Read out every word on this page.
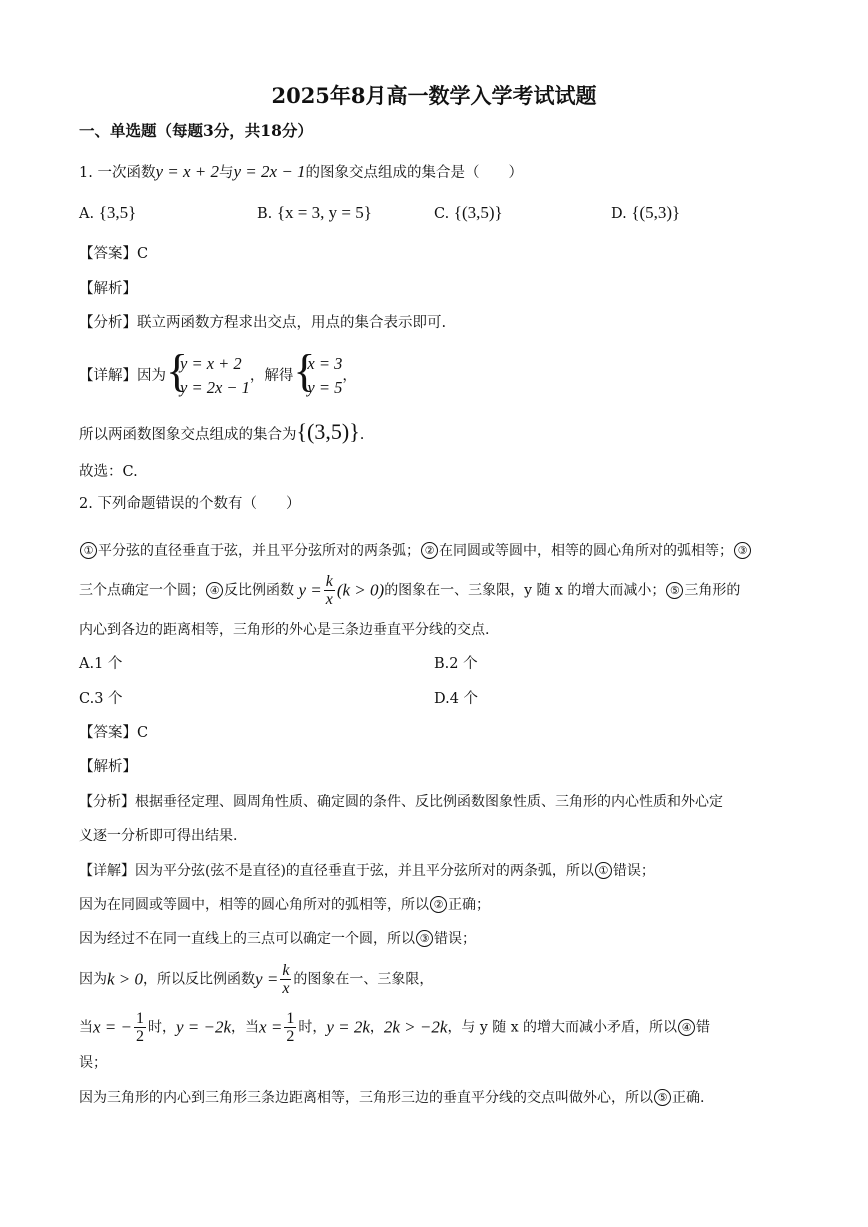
2025年8月高一数学入学考试试题
一、单选题（每题3分，共18分）
1. 一次函数y = x + 2与y = 2x − 1的图象交点组成的集合是（　　）
A. {3,5}	B. {x = 3, y = 5}	C. {(3,5)}	D. {(5,3)}
【答案】C
【解析】
【分析】联立两函数方程求出交点，用点的集合表示即可.
【详解】因为 {
y = x + 2
y = 2x − 1
，解得 {
x = 3
y = 5
，
所以两函数图象交点组成的集合为{(3,5)}.
故选：C.
2. 下列命题错误的个数有（　　）
① 平分弦的直径垂直于弦，并且平分弦所对的两条弧； ② 在同圆或等圆中，相等的圆心角所对的弧相等； ③
三个点确定一个圆； ④ 反比例函数 $y = \frac{k}{x} (k > 0)$的图象在一、三象限，y 随 x 的增大而减小； ⑤ 三角形的
内心到各边的距离相等，三角形的外心是三条边垂直平分线的交点.
A.1 个	B.2 个
C.3 个	D.4 个
【答案】C
【解析】
【分析】根据垂径定理、圆周角性质、确定圆的条件、反比例函数图象性质、三角形的内心性质和外心定
义逐一分析即可得出结果.
【详解】因为平分弦(弦不是直径)的直径垂直于弦，并且平分弦所对的两条弧，所以 ① 错误；
因为在同圆或等圆中，相等的圆心角所对的弧相等，所以 ② 正确；
因为经过不在同一直线上的三点可以确定一个圆，所以 ③ 错误；
因为k > 0，所以反比例函数$y = \frac{k}{x}$ 的图象在一、三象限，
当x = − $\frac{1}{2}$ 时，y = −2k，当$x = \frac{1}{2}$ 时，y = 2k，2k > −2k，与 y 随 x 的增大而减小矛盾，所以 ④ 错
误；
因为三角形的内心到三角形三条边距离相等，三角形三边的垂直平分线的交点叫做外心，所以 ⑤ 正确.
